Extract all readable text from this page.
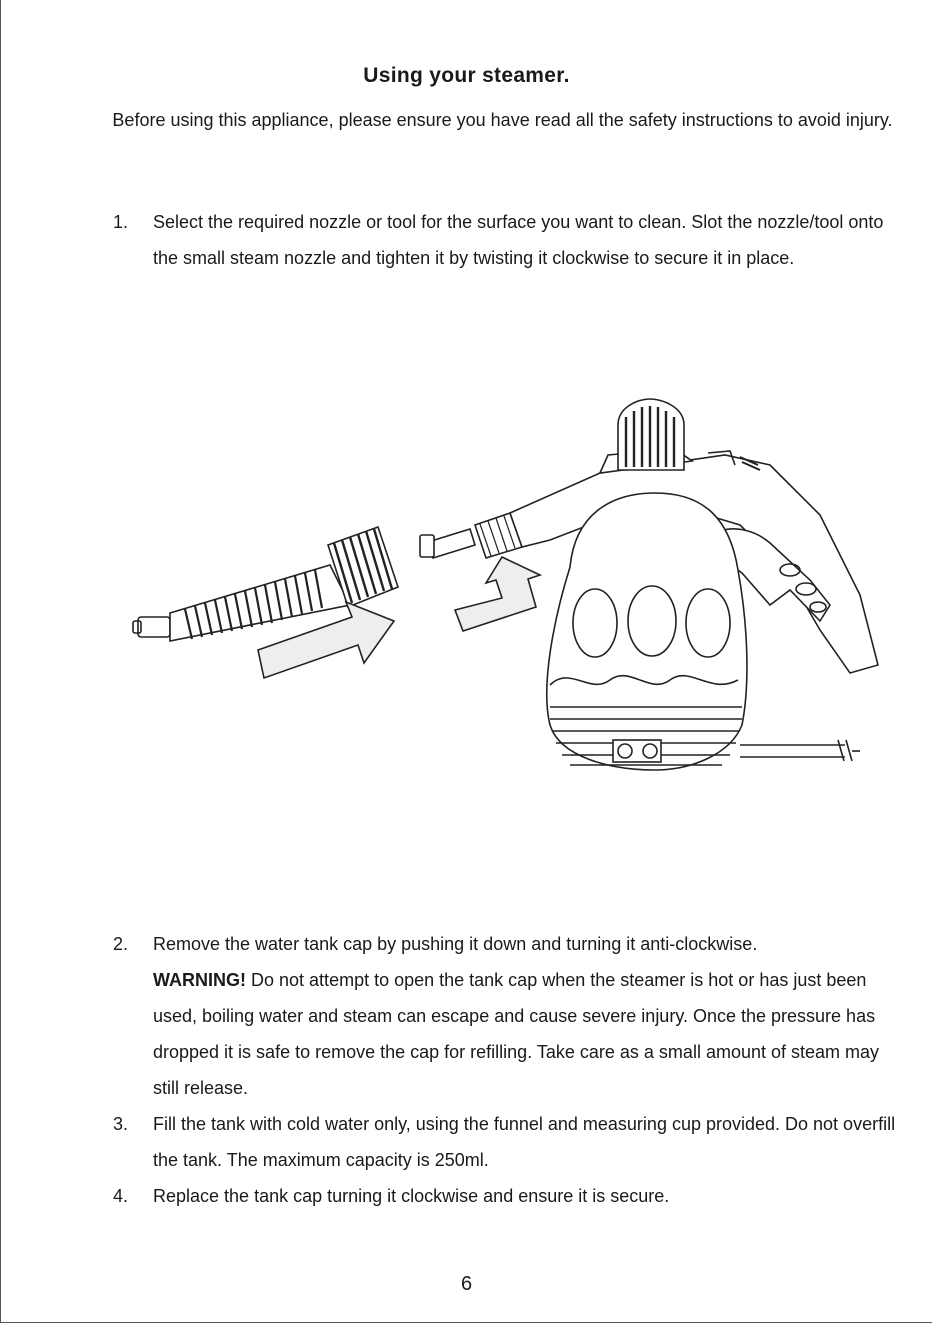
Using your steamer.
Before using this appliance, please ensure you have read all the safety instructions to avoid injury.
1.	Select the required nozzle or tool for the surface you want to clean. Slot the nozzle/tool onto the small steam nozzle and tighten it by twisting it clockwise to secure it in place.
2.	Remove the water tank cap by pushing it down and turning it anti-clockwise.
WARNING! Do not attempt to open the tank cap when the steamer is hot or has just been used, boiling water and steam can escape and cause severe injury. Once the pressure has dropped it is safe to remove the cap for refilling. Take care as a small amount of steam may still release.
3.	Fill the tank with cold water only, using the funnel and measuring cup provided. Do not overfill the tank. The maximum capacity is 250ml.
4.	Replace the tank cap turning it clockwise and ensure it is secure.
6
